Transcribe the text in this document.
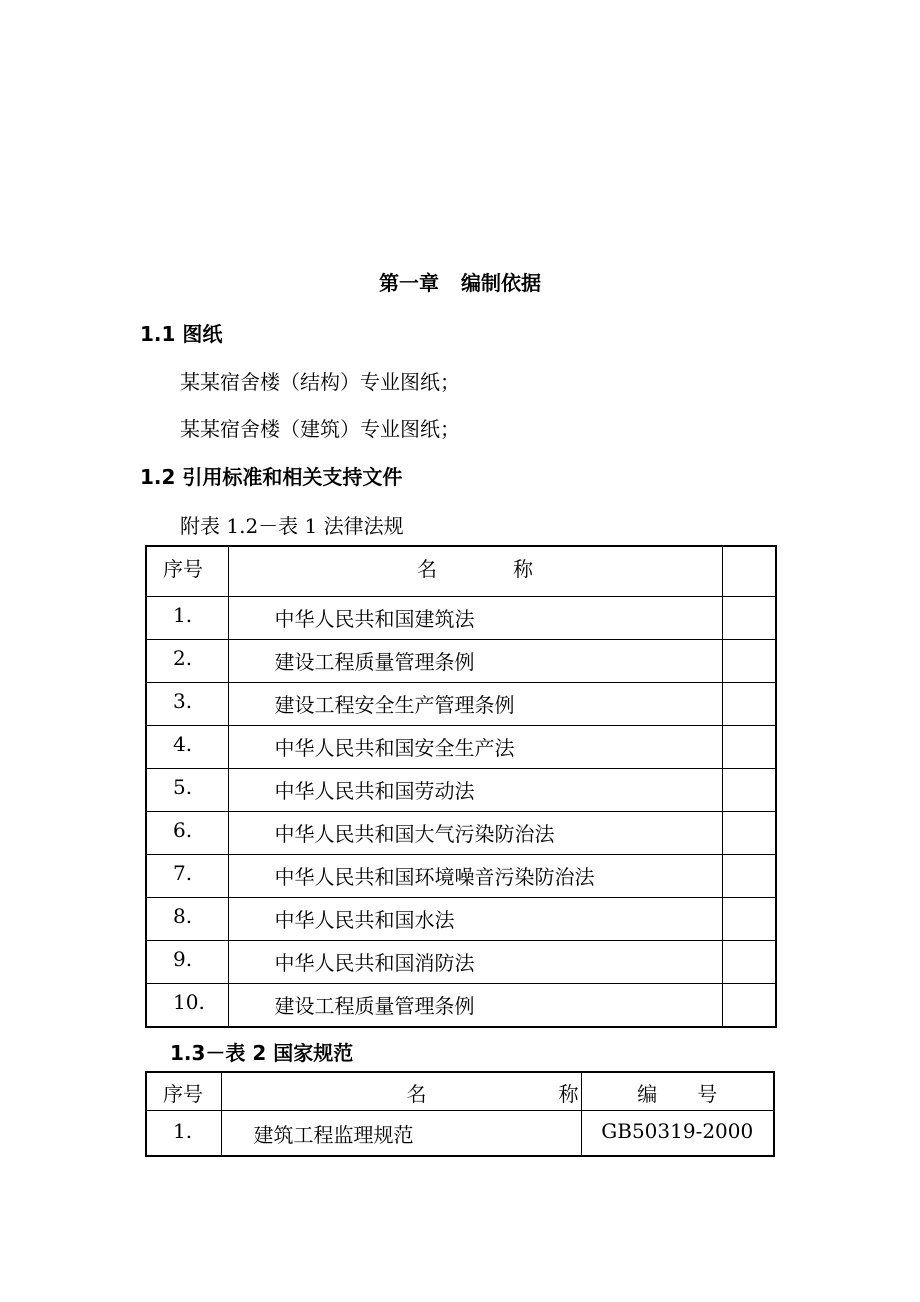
第一章 编制依据
1.1 图纸
某某宿舍楼（结构）专业图纸；
某某宿舍楼（建筑）专业图纸；
1.2 引用标准和相关支持文件
附表 1.2－表 1 法律法规
序号	名 称	
1.	中华人民共和国建筑法	
2.	建设工程质量管理条例	
3.	建设工程安全生产管理条例	
4.	中华人民共和国安全生产法	
5.	中华人民共和国劳动法	
6.	中华人民共和国大气污染防治法	
7.	中华人民共和国环境噪音污染防治法	
8.	中华人民共和国水法	
9.	中华人民共和国消防法	
10.	建设工程质量管理条例	
1.3－表 2 国家规范
序号	名 称	编 号
1.	建筑工程监理规范	GB50319-2000
